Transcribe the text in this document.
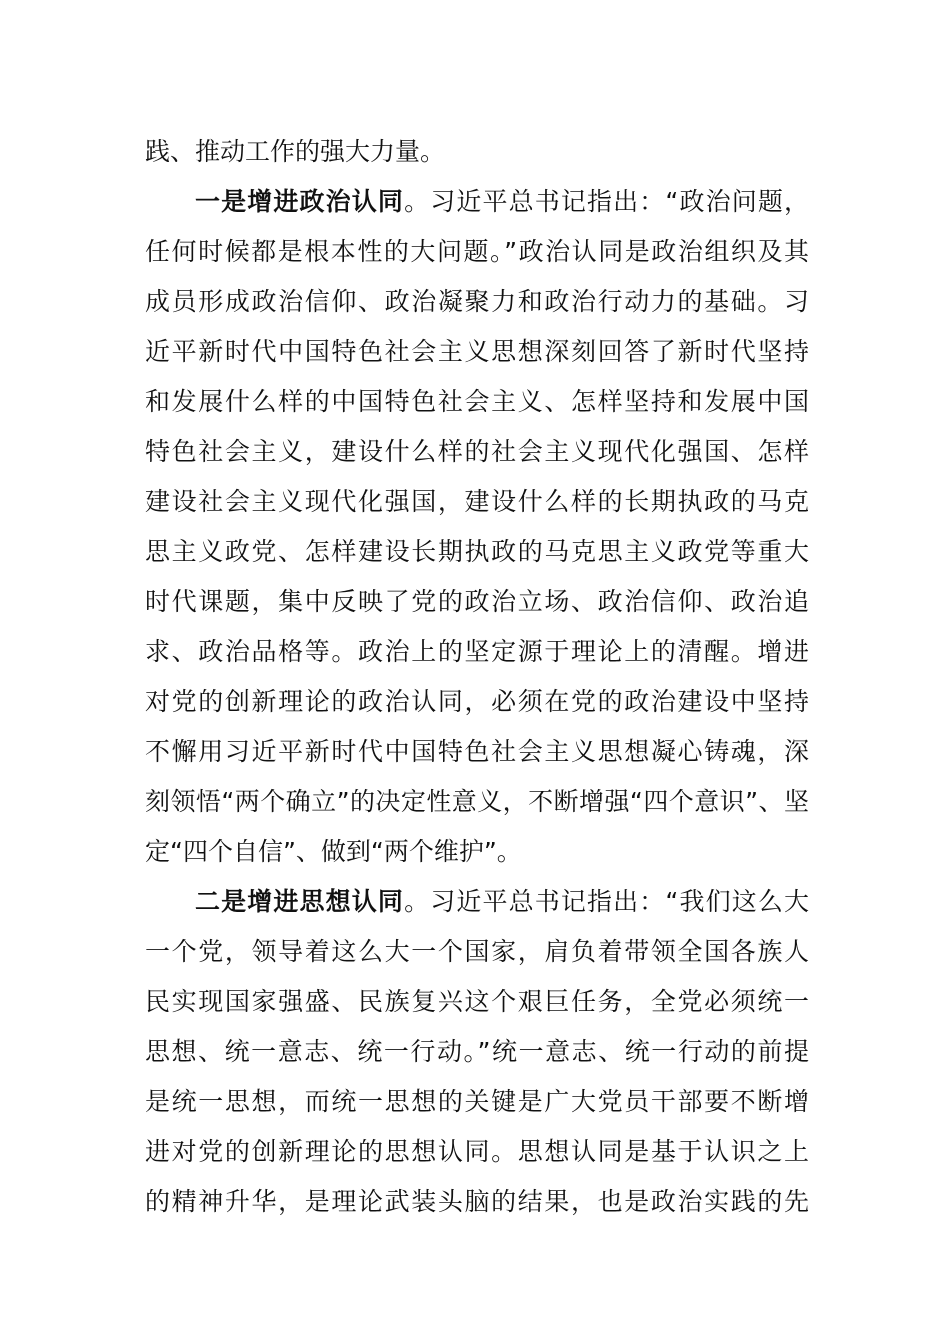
践、推动工作的强大力量。
一是增进政治认同。习近平总书记指出：“政治问题，
任何时候都是根本性的大问题。”政治认同是政治组织及其
成员形成政治信仰、政治凝聚力和政治行动力的基础。习
近平新时代中国特色社会主义思想深刻回答了新时代坚持
和发展什么样的中国特色社会主义、怎样坚持和发展中国
特色社会主义，建设什么样的社会主义现代化强国、怎样
建设社会主义现代化强国，建设什么样的长期执政的马克
思主义政党、怎样建设长期执政的马克思主义政党等重大
时代课题，集中反映了党的政治立场、政治信仰、政治追
求、政治品格等。政治上的坚定源于理论上的清醒。增进
对党的创新理论的政治认同，必须在党的政治建设中坚持
不懈用习近平新时代中国特色社会主义思想凝心铸魂，深
刻领悟“两个确立”的决定性意义，不断增强“四个意识”、坚
定“四个自信”、做到“两个维护”。
二是增进思想认同。习近平总书记指出：“我们这么大
一个党，领导着这么大一个国家，肩负着带领全国各族人
民实现国家强盛、民族复兴这个艰巨任务，全党必须统一
思想、统一意志、统一行动。”统一意志、统一行动的前提
是统一思想，而统一思想的关键是广大党员干部要不断增
进对党的创新理论的思想认同。思想认同是基于认识之上
的精神升华，是理论武装头脑的结果，也是政治实践的先
